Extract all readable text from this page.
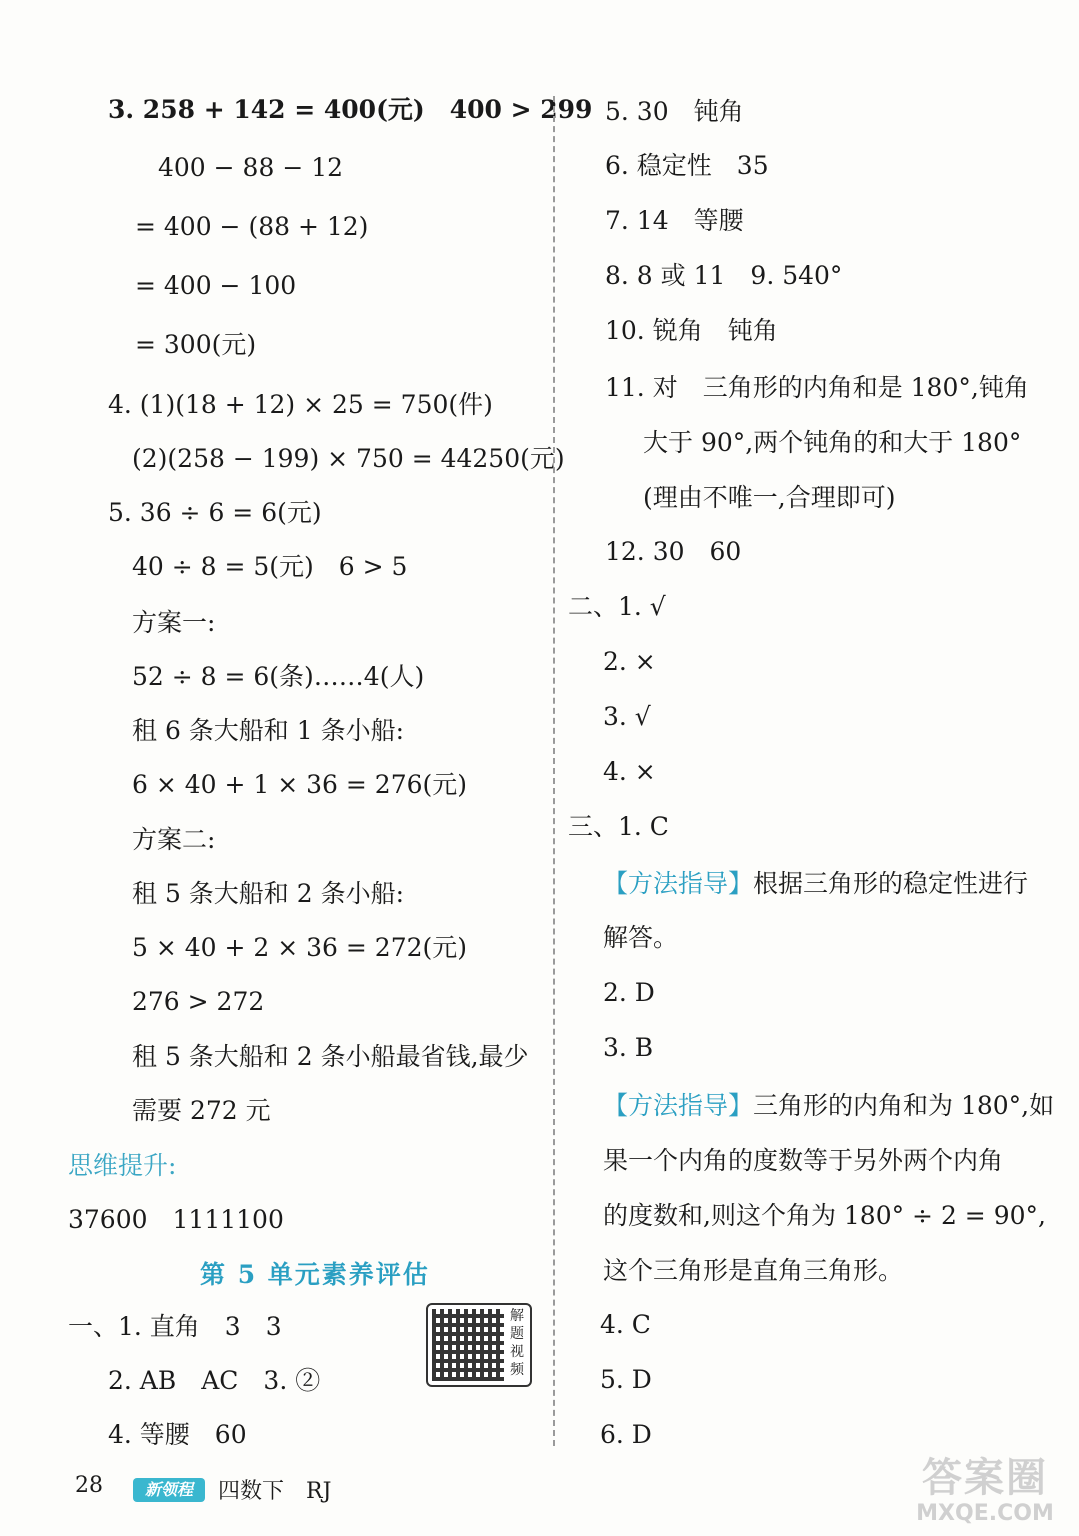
3. 258 + 142 = 400(元)　400 > 299
400 − 88 − 12
= 400 − (88 + 12)
= 400 − 100
= 300(元)
4. (1)(18 + 12) × 25 = 750(件)
(2)(258 − 199) × 750 = 44250(元)
5. 36 ÷ 6 = 6(元)
40 ÷ 8 = 5(元)　6 > 5
方案一:
52 ÷ 8 = 6(条)……4(人)
租 6 条大船和 1 条小船:
6 × 40 + 1 × 36 = 276(元)
方案二:
租 5 条大船和 2 条小船:
5 × 40 + 2 × 36 = 272(元)
276 > 272
租 5 条大船和 2 条小船最省钱,最少
需要 272 元
思维提升:
37600　1111100
第 5 单元素养评估
一、1. 直角　3　3
2. AB　AC　3. ②
4. 等腰　60
解题视频
5. 30　钝角
6. 稳定性　35
7. 14　等腰
8. 8 或 11　9. 540°
10. 锐角　钝角
11. 对　三角形的内角和是 180°,钝角
大于 90°,两个钝角的和大于 180°
(理由不唯一,合理即可)
12. 30　60
二、1. √
2. ×
3. √
4. ×
三、1. C
【方法指导】根据三角形的稳定性进行
解答。
2. D
3. B
【方法指导】三角形的内角和为 180°,如
果一个内角的度数等于另外两个内角
的度数和,则这个角为 180° ÷ 2 = 90°,
这个三角形是直角三角形。
4. C
5. D
6. D
28	新领程	四数下　RJ	答案圈
MXQE.COM
